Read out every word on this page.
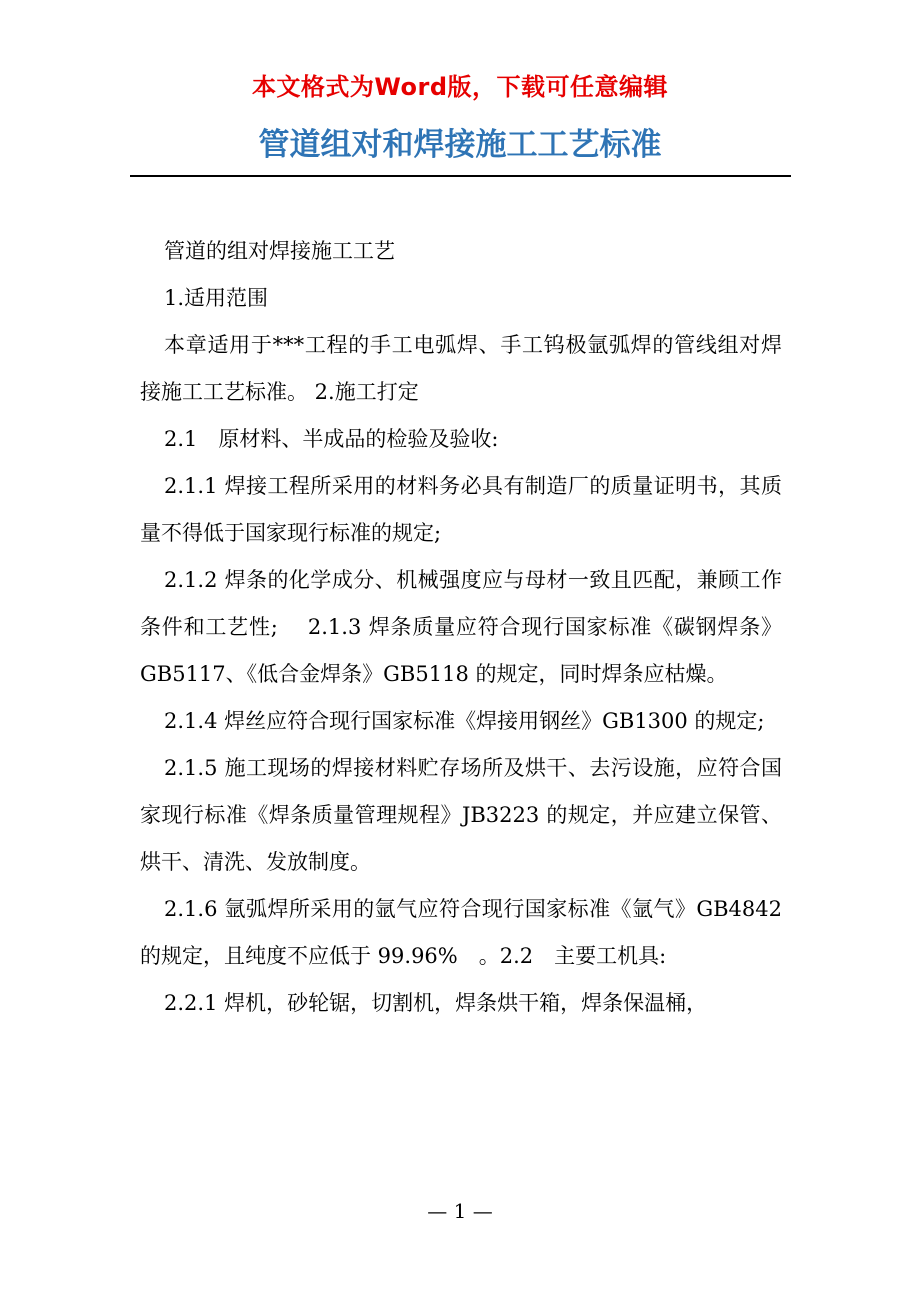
本文格式为Word版，下载可任意编辑
管道组对和焊接施工工艺标准

管道的组对焊接施工工艺

1.适用范围

本章适用于***工程的手工电弧焊、手工钨极氩弧焊的管线组对焊接施工工艺标准。 2.施工打定

2.1　原材料、半成品的检验及验收:

2.1.1 焊接工程所采用的材料务必具有制造厂的质量证明书，其质量不得低于国家现行标准的规定;

2.1.2 焊条的化学成分、机械强度应与母材一致且匹配，兼顾工作条件和工艺性;　 2.1.3 焊条质量应符合现行国家标准《碳钢焊条》GB5117、《低合金焊条》GB5118 的规定，同时焊条应枯燥。

2.1.4 焊丝应符合现行国家标准《焊接用钢丝》GB1300 的规定;

2.1.5 施工现场的焊接材料贮存场所及烘干、去污设施，应符合国家现行标准《焊条质量管理规程》JB3223 的规定，并应建立保管、烘干、清洗、发放制度。

2.1.6 氩弧焊所采用的氩气应符合现行国家标准《氩气》GB4842 的规定，且纯度不应低于 99.96%　。2.2　主要工机具:

2.2.1 焊机，砂轮锯，切割机，焊条烘干箱，焊条保温桶，

— 1 —
